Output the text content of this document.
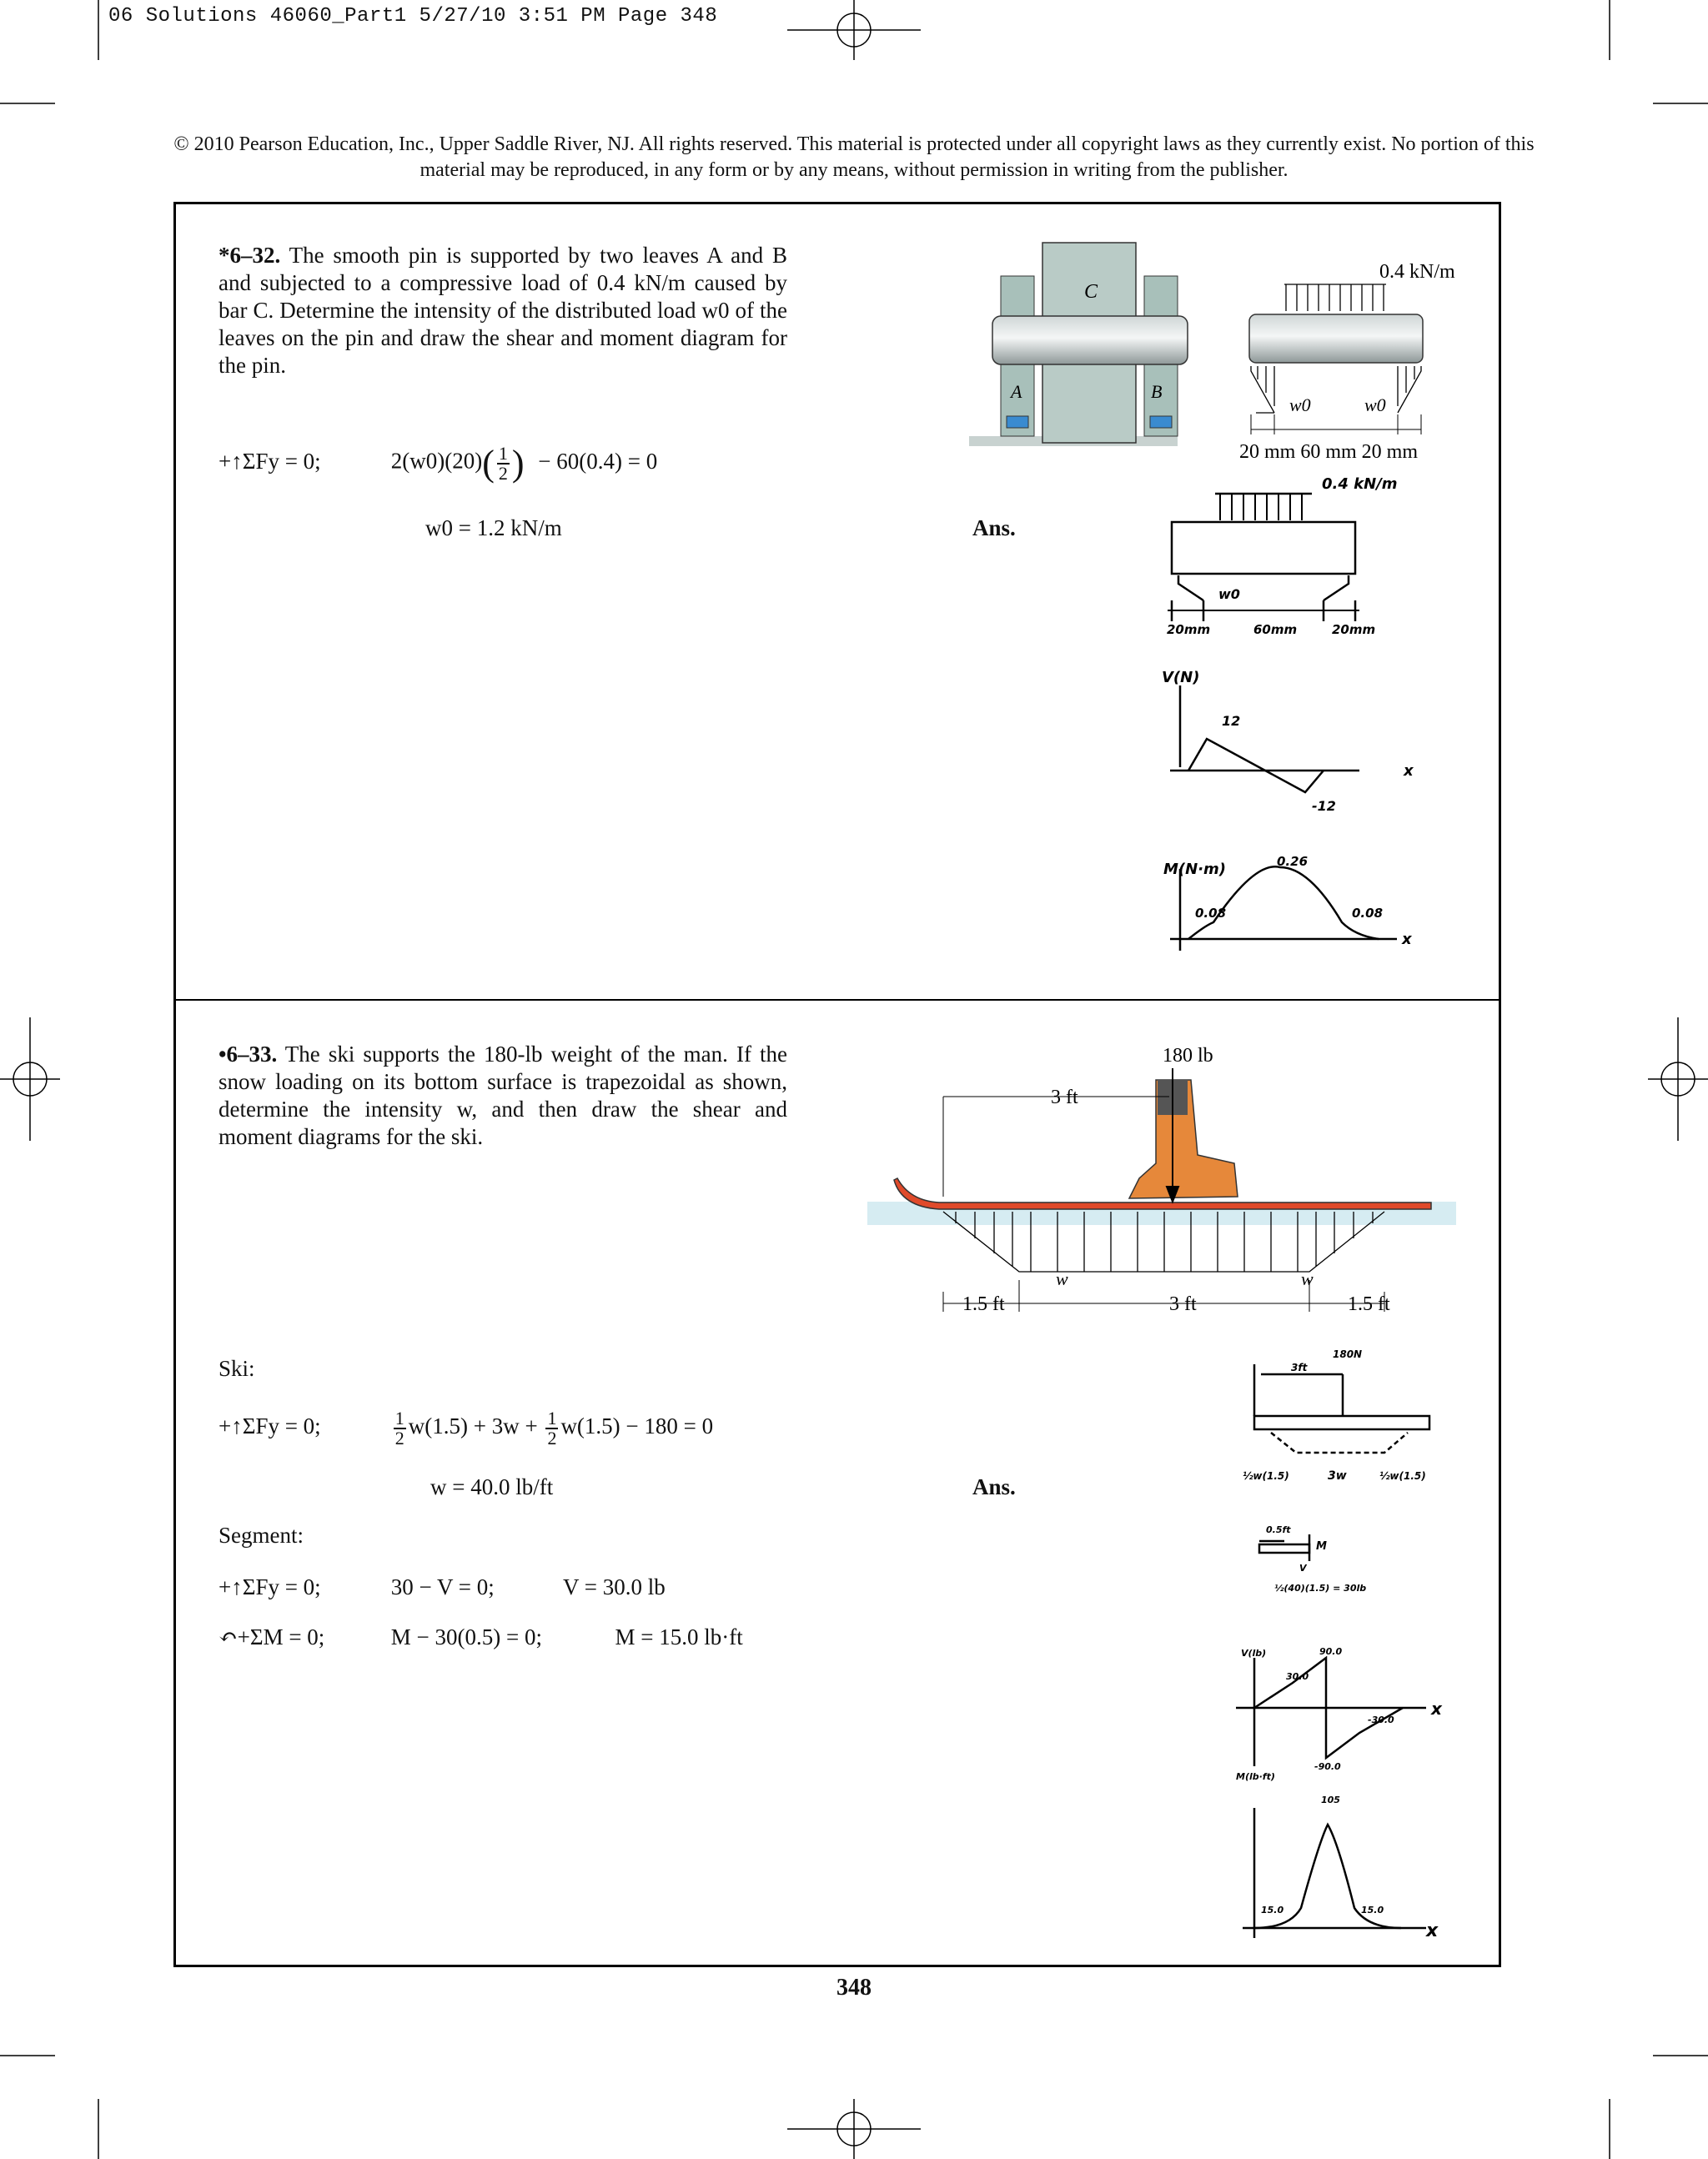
06 Solutions 46060_Part1 5/27/10 3:51 PM Page 348
© 2010 Pearson Education, Inc., Upper Saddle River, NJ. All rights reserved. This material is protected under all copyright laws as they currently exist. No portion of this material may be reproduced, in any form or by any means, without permission in writing from the publisher.
*6–32. The smooth pin is supported by two leaves A and B and subjected to a compressive load of 0.4 kN/m caused by bar C. Determine the intensity of the distributed load w0 of the leaves on the pin and draw the shear and moment diagram for the pin.
+↑ΣFy = 0;	$2(w0)(20)( \frac{1}{2}$ ) − 60(0.4) = 0
w0 = 1.2 kN/m	Ans.
C
A	B
0.4 kN/m
w0	w0
20 mm 60 mm 20 mm
0.4 kN/m
w0
20mm	60mm	20mm
V(N)
12
-12
x
M(N·m)
0.08
0.26
0.08
x
•6–33. The ski supports the 180-lb weight of the man. If the snow loading on its bottom surface is trapezoidal as shown, determine the intensity w, and then draw the shear and moment diagrams for the ski.
Ski:
+↑ΣFy = 0;	$\frac{1}{2} w(1.5) + 3w + \frac{1}{2} w(1.5) - 180 = 0$
w = 40.0 lb/ft	Ans.
Segment:
+↑ΣFy = 0;	30 − V = 0;	V = 30.0 lb
↶+ΣM = 0;	M − 30(0.5) = 0;	M = 15.0 lb·ft
180 lb
3 ft
w	w
1.5 ft	3 ft	1.5 ft
180N
3ft
½w(1.5)	3w	½w(1.5)
0.5ft
M
V
½(40)(1.5) = 30lb
V(lb)	90.0
30.0
-30.0
-90.0
x
M(lb·ft)
105
15.0	15.0
x
348
